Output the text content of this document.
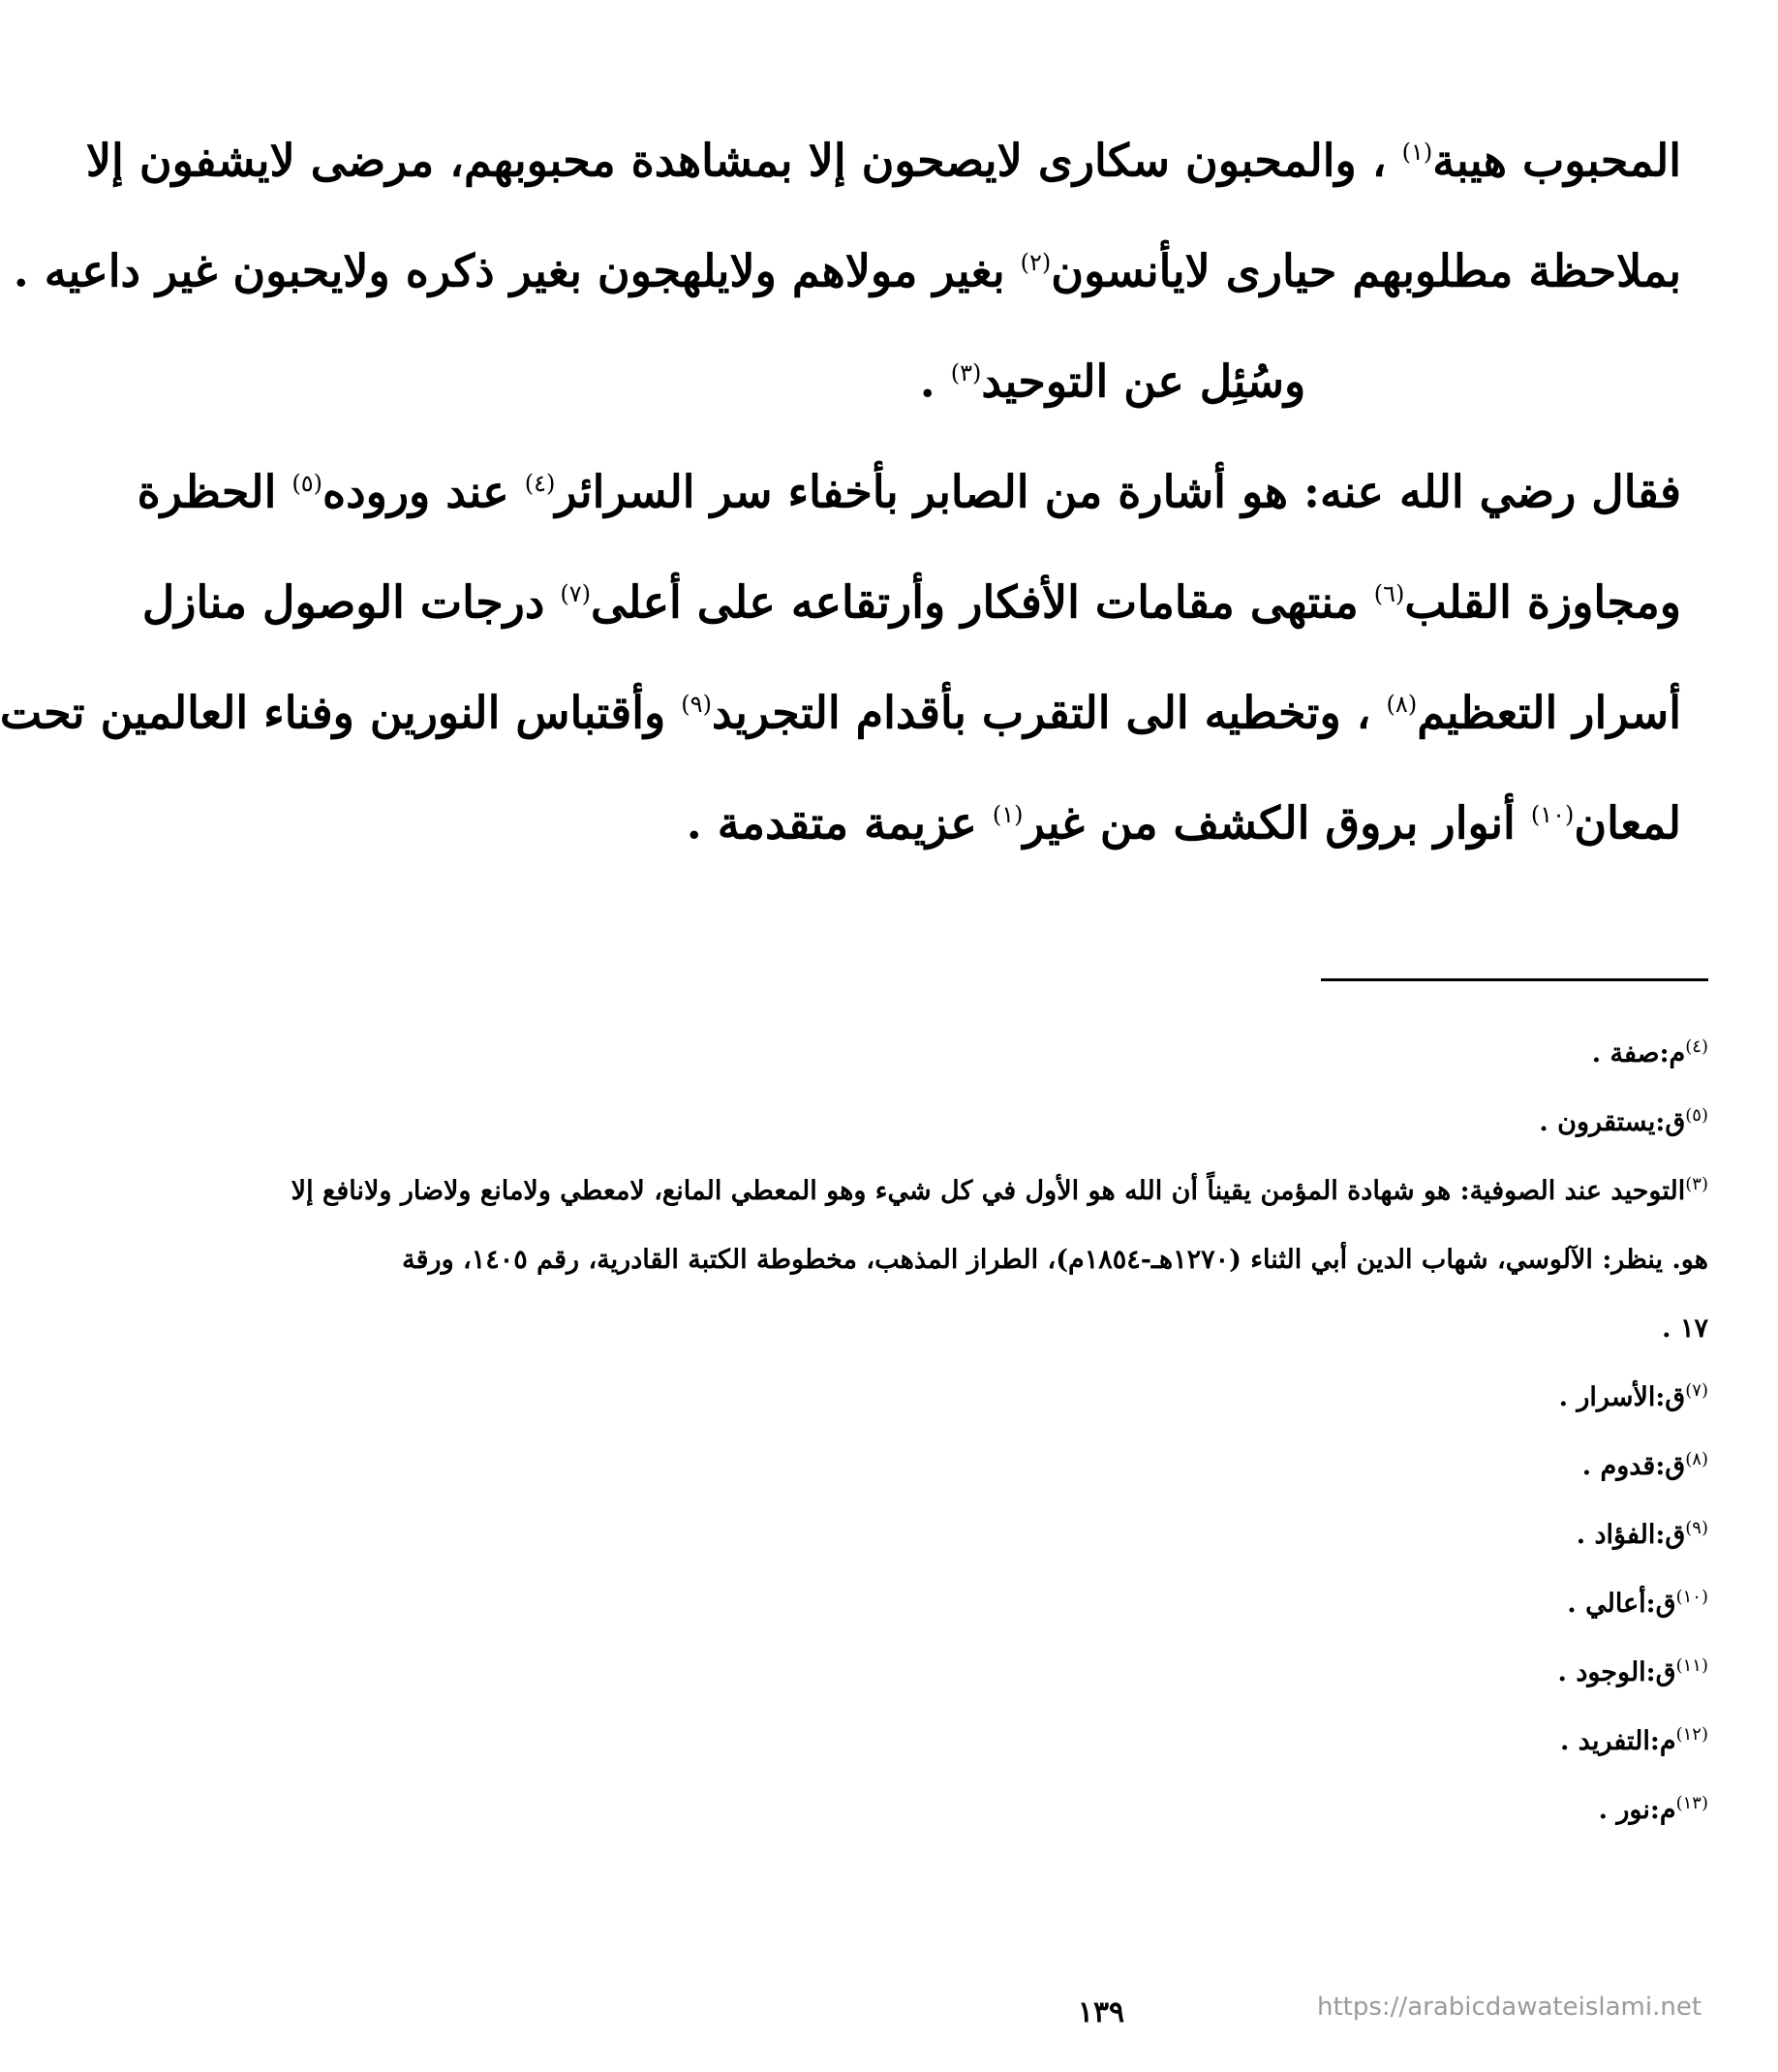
المحبوب هيبة$^{(١)}$ ، والمحبون سكارى لايصحون إلا بمشاهدة محبوبهم، مرضى لايشفون إلا
بملاحظة مطلوبهم حيارى لايأنسون$^{(٢)}$ بغير مولاهم ولايلهجون بغير ذكره ولايحبون غير داعيه .
وسُئِل عن التوحيد$^{(٣)}$ .
فقال رضي الله عنه: هو أشارة من الصابر بأخفاء سر السرائر$^{(٤)}$ عند وروده$^{(٥)}$ الحظرة
ومجاوزة القلب$^{(٦)}$ منتهى مقامات الأفكار وأرتقاعه على أعلى$^{(٧)}$ درجات الوصول منازل
أسرار التعظيم$^{(٨)}$ ، وتخطيه الى التقرب بأقدام التجريد$^{(٩)}$ وأقتباس النورين وفناء العالمين تحت
لمعان$^{(١٠)}$ أنوار بروق الكشف من غير$^{(١)}$ عزيمة متقدمة .
$^{(٤)}$م:صفة .
$^{(٥)}$ق:يستقرون .
$^{(٣)}$التوحيد عند الصوفية: هو شهادة المؤمن يقيناً أن الله هو الأول في كل شيء وهو المعطي المانع، لامعطي ولامانع ولاضار ولانافع إلا
هو. ينظر: الآلوسي، شهاب الدين أبي الثناء (١٢٧٠هـ-١٨٥٤م)، الطراز المذهب، مخطوطة الكتبة القادرية، رقم ١٤٠٥، ورقة
١٧ .
$^{(٧)}$ق:الأسرار .
$^{(٨)}$ق:قدوم .
$^{(٩)}$ق:الفؤاد .
$^{(١٠)}$ق:أعالي .
$^{(١١)}$ق:الوجود .
$^{(١٢)}$م:التفريد .
$^{(١٣)}$م:نور .
١٣٩	https://arabicdawateislami.net
